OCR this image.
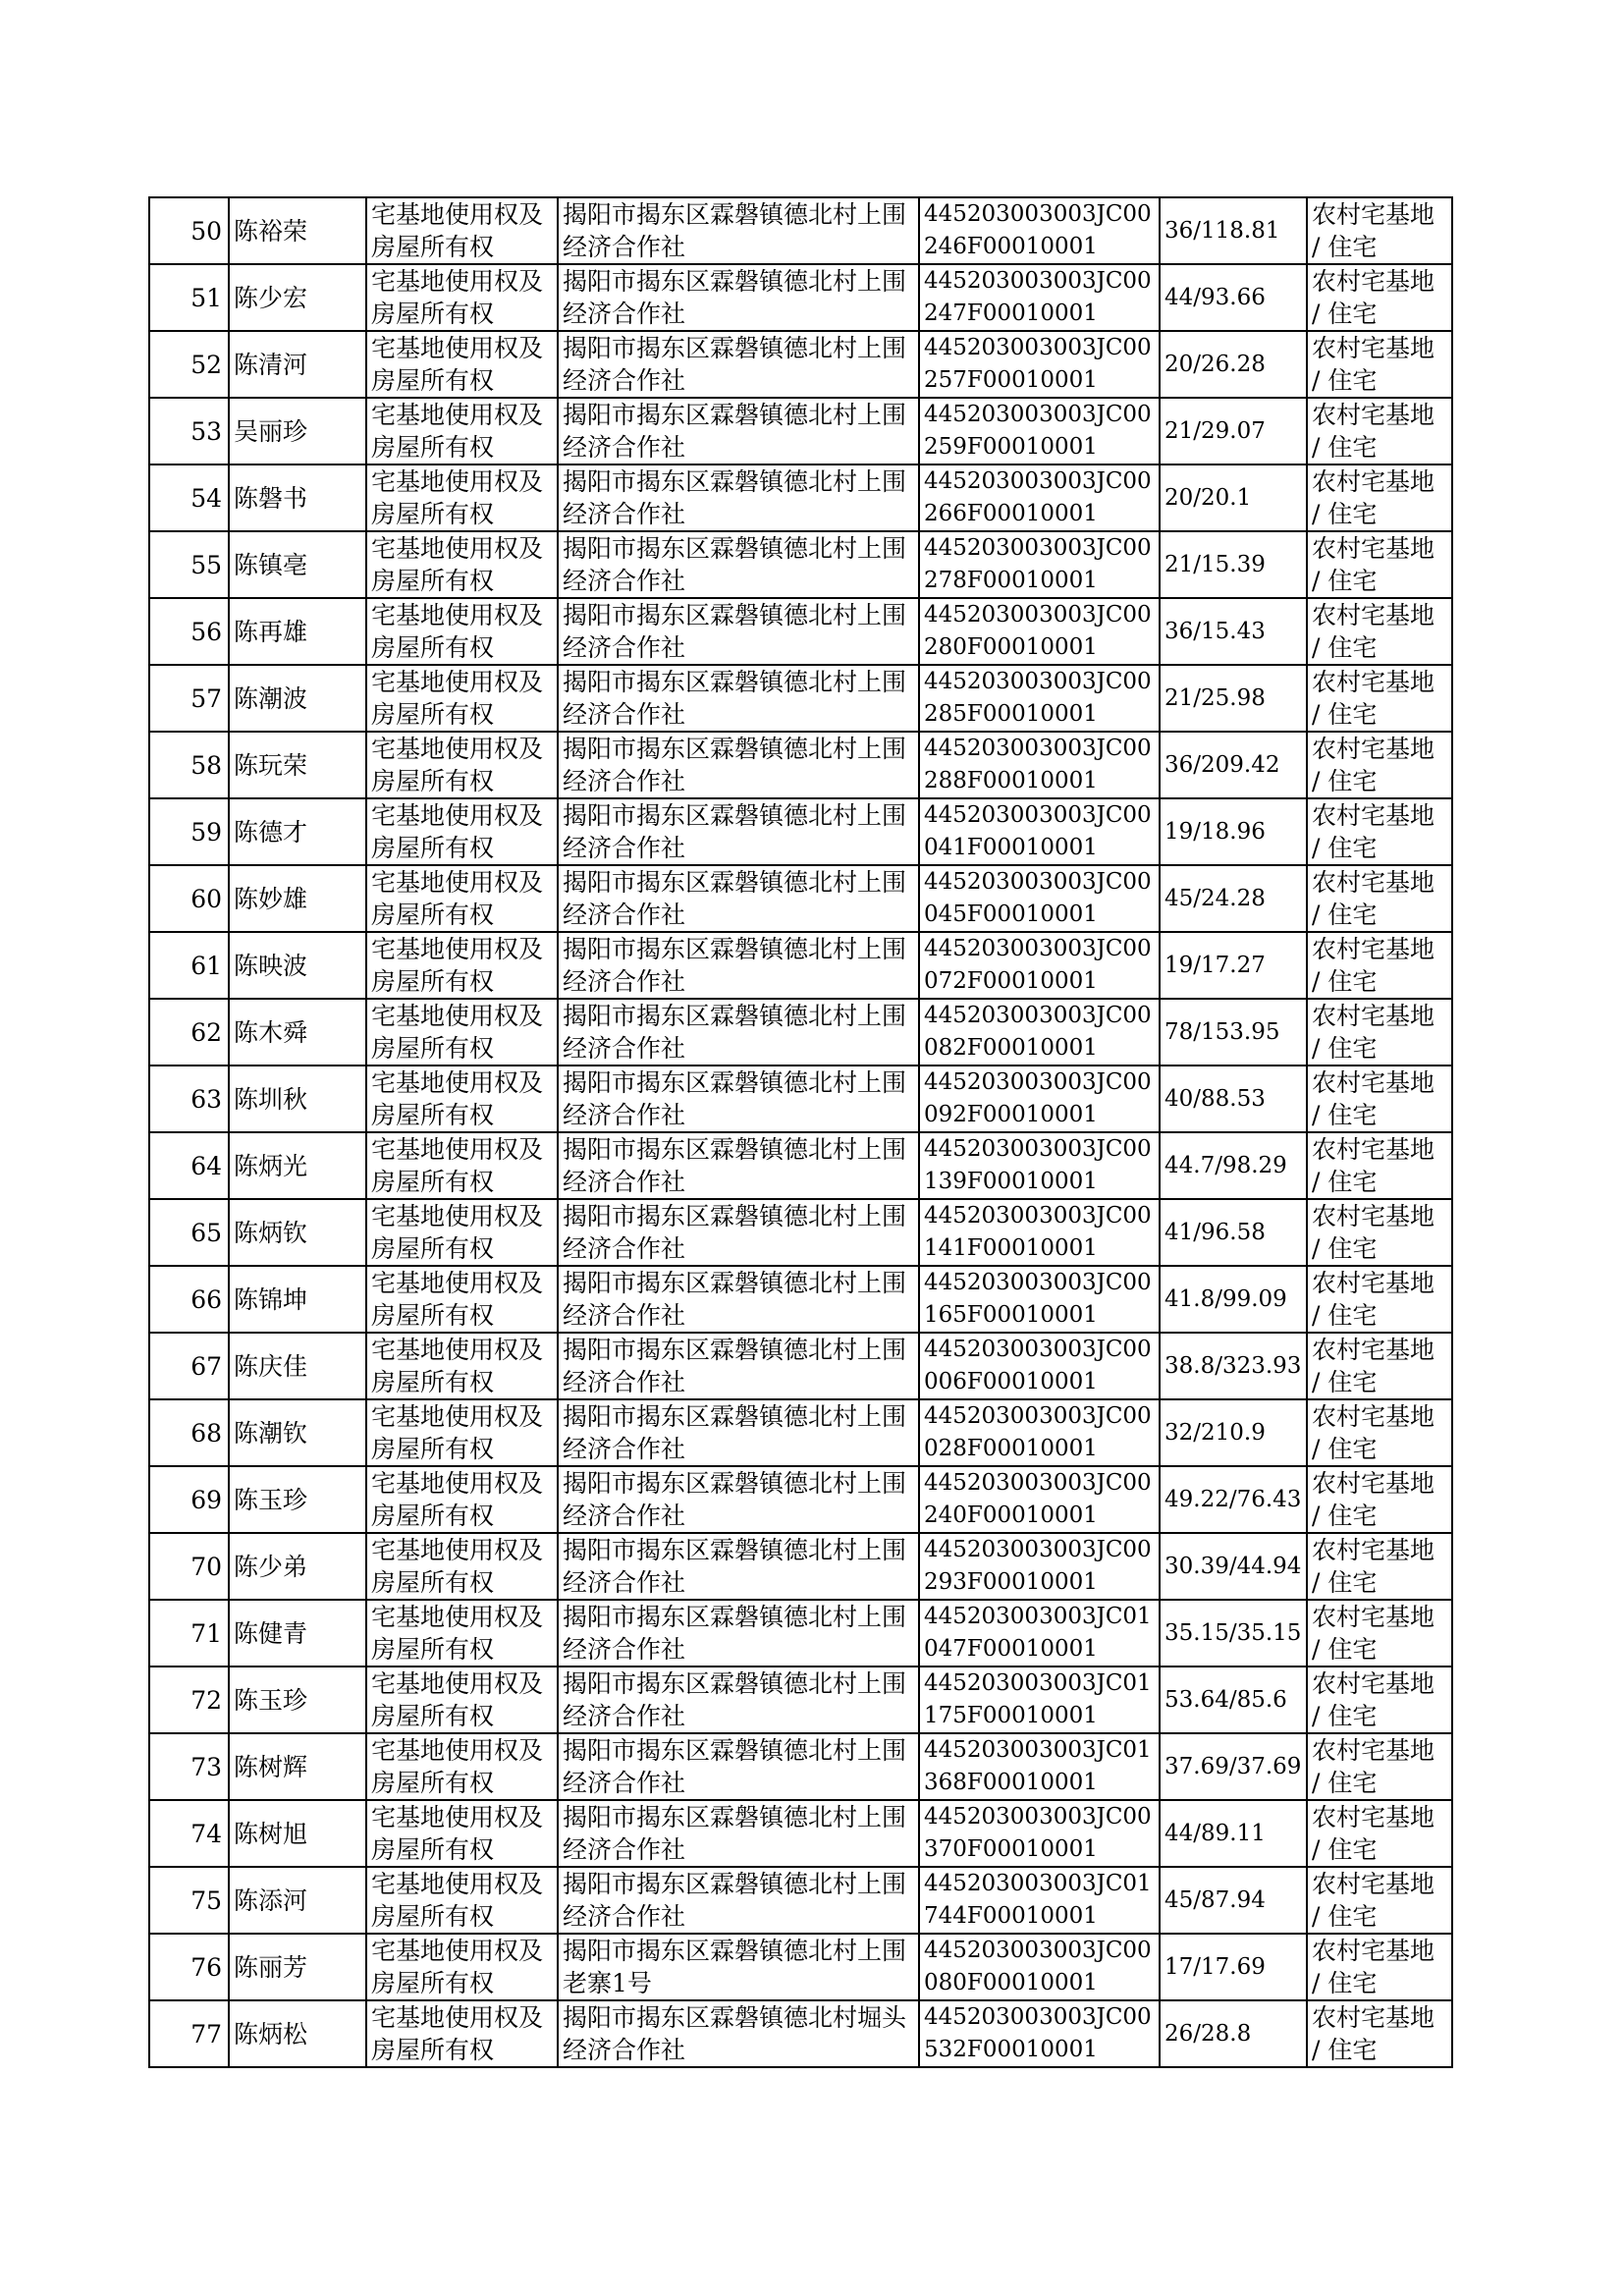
50	陈裕荣	宅基地使用权及房屋所有权	揭阳市揭东区霖磐镇德北村上围经济合作社	445203003003JC00246F00010001	36/118.81	农村宅基地 / 住宅
51	陈少宏	宅基地使用权及房屋所有权	揭阳市揭东区霖磐镇德北村上围经济合作社	445203003003JC00247F00010001	44/93.66	农村宅基地 / 住宅
52	陈清河	宅基地使用权及房屋所有权	揭阳市揭东区霖磐镇德北村上围经济合作社	445203003003JC00257F00010001	20/26.28	农村宅基地 / 住宅
53	吴丽珍	宅基地使用权及房屋所有权	揭阳市揭东区霖磐镇德北村上围经济合作社	445203003003JC00259F00010001	21/29.07	农村宅基地 / 住宅
54	陈磐书	宅基地使用权及房屋所有权	揭阳市揭东区霖磐镇德北村上围经济合作社	445203003003JC00266F00010001	20/20.1	农村宅基地 / 住宅
55	陈镇亳	宅基地使用权及房屋所有权	揭阳市揭东区霖磐镇德北村上围经济合作社	445203003003JC00278F00010001	21/15.39	农村宅基地 / 住宅
56	陈再雄	宅基地使用权及房屋所有权	揭阳市揭东区霖磐镇德北村上围经济合作社	445203003003JC00280F00010001	36/15.43	农村宅基地 / 住宅
57	陈潮波	宅基地使用权及房屋所有权	揭阳市揭东区霖磐镇德北村上围经济合作社	445203003003JC00285F00010001	21/25.98	农村宅基地 / 住宅
58	陈玩荣	宅基地使用权及房屋所有权	揭阳市揭东区霖磐镇德北村上围经济合作社	445203003003JC00288F00010001	36/209.42	农村宅基地 / 住宅
59	陈德才	宅基地使用权及房屋所有权	揭阳市揭东区霖磐镇德北村上围经济合作社	445203003003JC00041F00010001	19/18.96	农村宅基地 / 住宅
60	陈妙雄	宅基地使用权及房屋所有权	揭阳市揭东区霖磐镇德北村上围经济合作社	445203003003JC00045F00010001	45/24.28	农村宅基地 / 住宅
61	陈映波	宅基地使用权及房屋所有权	揭阳市揭东区霖磐镇德北村上围经济合作社	445203003003JC00072F00010001	19/17.27	农村宅基地 / 住宅
62	陈木舜	宅基地使用权及房屋所有权	揭阳市揭东区霖磐镇德北村上围经济合作社	445203003003JC00082F00010001	78/153.95	农村宅基地 / 住宅
63	陈圳秋	宅基地使用权及房屋所有权	揭阳市揭东区霖磐镇德北村上围经济合作社	445203003003JC00092F00010001	40/88.53	农村宅基地 / 住宅
64	陈炳光	宅基地使用权及房屋所有权	揭阳市揭东区霖磐镇德北村上围经济合作社	445203003003JC00139F00010001	44.7/98.29	农村宅基地 / 住宅
65	陈炳钦	宅基地使用权及房屋所有权	揭阳市揭东区霖磐镇德北村上围经济合作社	445203003003JC00141F00010001	41/96.58	农村宅基地 / 住宅
66	陈锦坤	宅基地使用权及房屋所有权	揭阳市揭东区霖磐镇德北村上围经济合作社	445203003003JC00165F00010001	41.8/99.09	农村宅基地 / 住宅
67	陈庆佳	宅基地使用权及房屋所有权	揭阳市揭东区霖磐镇德北村上围经济合作社	445203003003JC00006F00010001	38.8/323.93	农村宅基地 / 住宅
68	陈潮钦	宅基地使用权及房屋所有权	揭阳市揭东区霖磐镇德北村上围经济合作社	445203003003JC00028F00010001	32/210.9	农村宅基地 / 住宅
69	陈玉珍	宅基地使用权及房屋所有权	揭阳市揭东区霖磐镇德北村上围经济合作社	445203003003JC00240F00010001	49.22/76.43	农村宅基地 / 住宅
70	陈少弟	宅基地使用权及房屋所有权	揭阳市揭东区霖磐镇德北村上围经济合作社	445203003003JC00293F00010001	30.39/44.94	农村宅基地 / 住宅
71	陈健青	宅基地使用权及房屋所有权	揭阳市揭东区霖磐镇德北村上围经济合作社	445203003003JC01047F00010001	35.15/35.15	农村宅基地 / 住宅
72	陈玉珍	宅基地使用权及房屋所有权	揭阳市揭东区霖磐镇德北村上围经济合作社	445203003003JC01175F00010001	53.64/85.6	农村宅基地 / 住宅
73	陈树辉	宅基地使用权及房屋所有权	揭阳市揭东区霖磐镇德北村上围经济合作社	445203003003JC01368F00010001	37.69/37.69	农村宅基地 / 住宅
74	陈树旭	宅基地使用权及房屋所有权	揭阳市揭东区霖磐镇德北村上围经济合作社	445203003003JC00370F00010001	44/89.11	农村宅基地 / 住宅
75	陈添河	宅基地使用权及房屋所有权	揭阳市揭东区霖磐镇德北村上围经济合作社	445203003003JC01744F00010001	45/87.94	农村宅基地 / 住宅
76	陈丽芳	宅基地使用权及房屋所有权	揭阳市揭东区霖磐镇德北村上围老寨1号	445203003003JC00080F00010001	17/17.69	农村宅基地 / 住宅
77	陈炳松	宅基地使用权及房屋所有权	揭阳市揭东区霖磐镇德北村堀头经济合作社	445203003003JC00532F00010001	26/28.8	农村宅基地 / 住宅
